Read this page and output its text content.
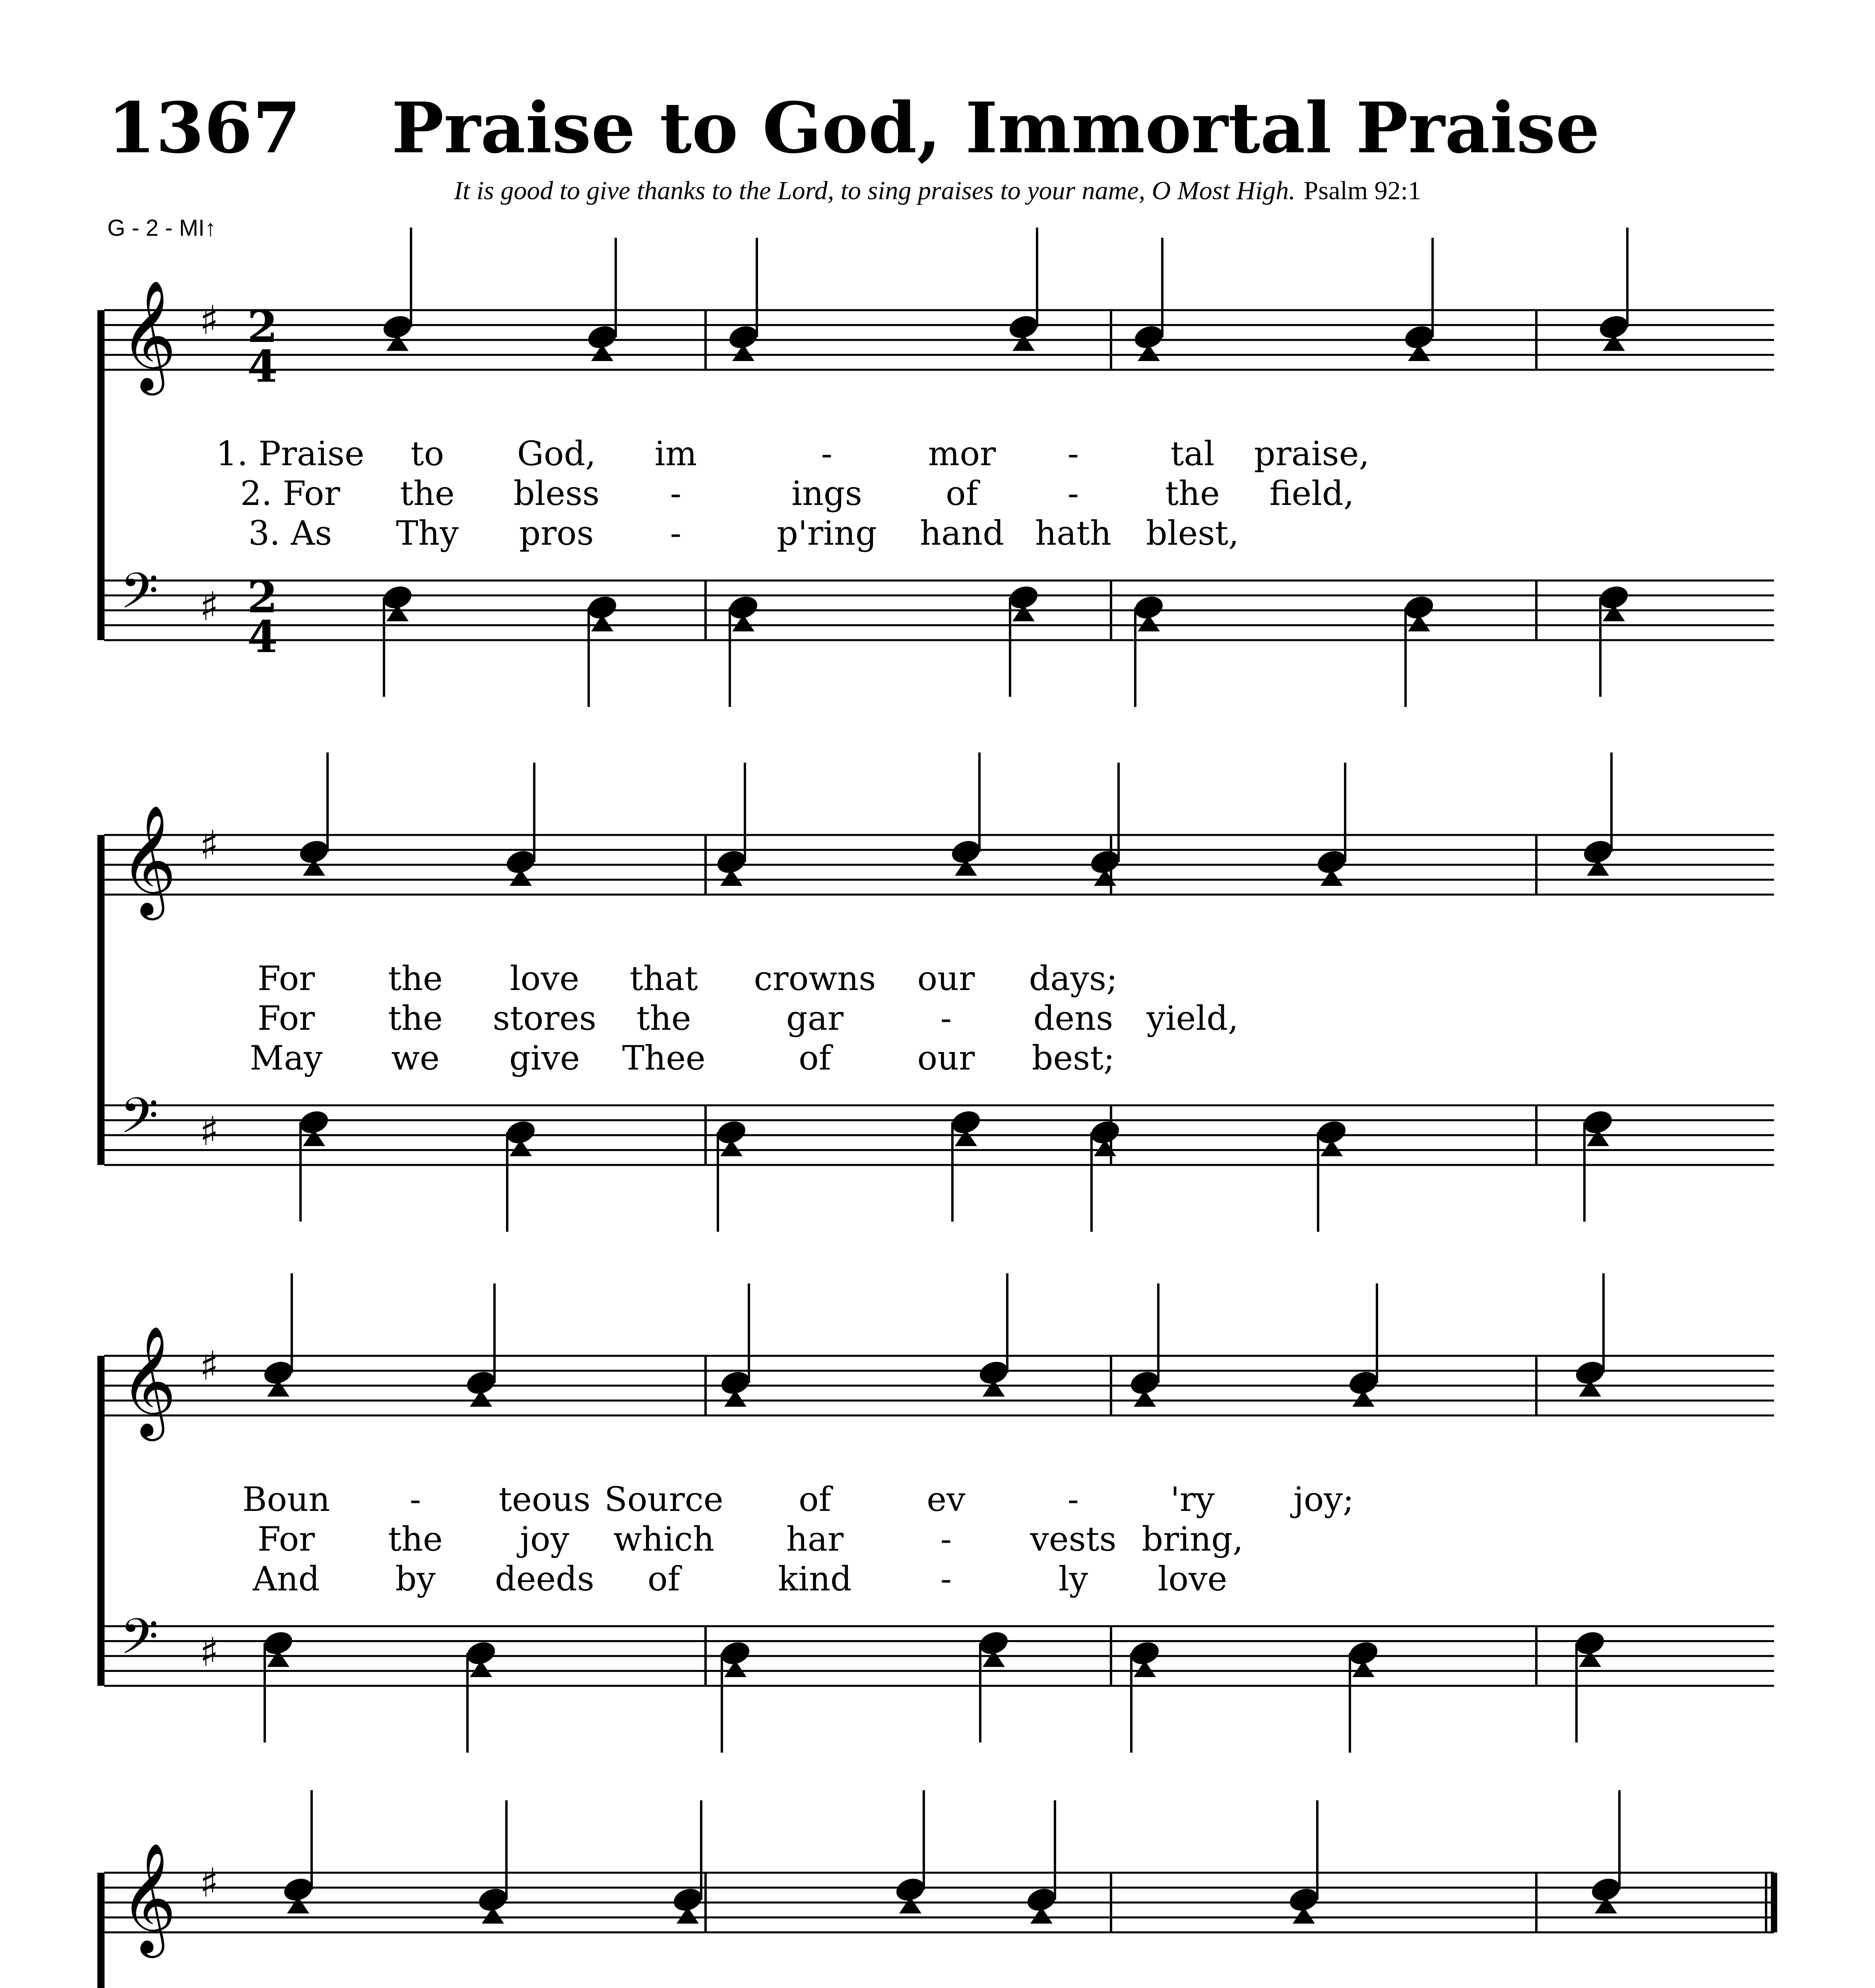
1367 Praise to God, Immortal Praise
It is good to give thanks to the Lord, to sing praises to your name, O Most High. Psalm 92:1
G - 2 - MI↑
𝄞 ♯ 2
4
𝄢 ♯ 2
4
1. Praise to God, im	-	mor -	tal praise,
2. For the bless -	ings	of	-	the field,
3. As Thy pros -	p'ring hand hath blest,
𝄞 ♯
𝄢 ♯
For the love that crowns our days;
For the stores the	gar	- dens yield,
May we give Thee	of	our best;
𝄞 ♯
𝄢 ♯
Boun - teous Source of	ev	-	'ry joy;
For the joy which har	- vests bring,
And by deeds of	kind	-	ly love
𝄞 ♯
